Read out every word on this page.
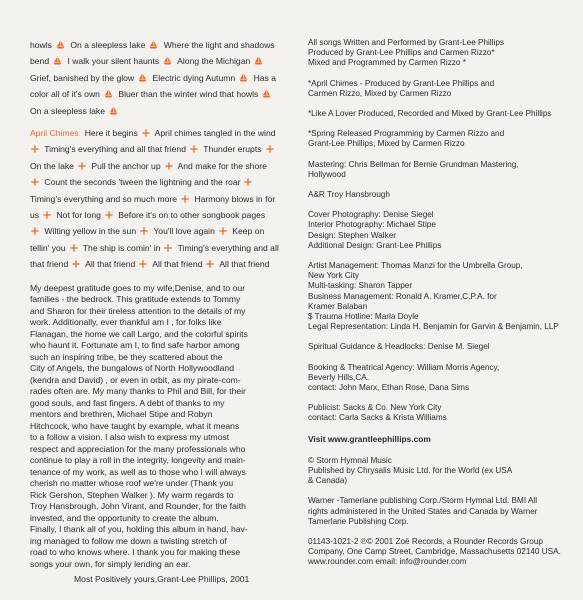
howls On a sleepless lake Where the light and shadows bend I walk your silent haunts Along the Michigan Grief, banished by the glow Electric dying Autumn Has a color all of it's own Bluer than the winter wind that howls On a sleepless lake

April Chimes Here it begins April chimes tangled in the wind Timing's everything and all that friend Thunder erupts On the lake Pull the anchor up And make for the shore Count the seconds 'tween the lightning and the roar Timing's everything and so much more Harmony blows in for us Not for long Before it's on to other songbook pages Wilting yellow in the sun You'll love again Keep on tellin' you The ship is comin' in Timing's everything and all that friend All that friend All that friend All that friend

My deepest gratitude goes to my wife,Denise, and to our

families - the bedrock. This gratitude extends to Tommy

and Sharon for their tireless attention to the details of my

work. Additionally, ever thankful am I , for folks like

Flanagan, the home we call Largo, and the colorful spirits

who haunt it. Fortunate am I, to find safe harbor among

such an inspiring tribe, be they scattered about the

City of Angels, the bungalows of North Hollywoodland

(kendra and David) , or even in orbit, as my pirate-com-

rades often are. My many thanks to Phil and Bill, for their

good souls, and fast fingers. A debt of thanks to my

mentors and brethren, Michael Stipe and Robyn

Hitchcock, who have taught by example, what it means

to a follow a vision. I also wish to express my utmost

respect and appreciation for the many professionals who

continue to play a roll in the integrity, longevity and main-

tenance of my work, as well as to those who I will always

cherish no matter whose roof we're under (Thank you

Rick Gershon, Stephen Walker ). My warm regards to

Troy Hansbrough, John Virant, and Rounder, for the faith

invested, and the opportunity to create the album.

Finally, I thank all of you, holding this album in hand, hav-

ing managed to follow me down a twisting stretch of

road to who knows where. I thank you for making these

songs your own, for simply lending an ear.

Most Positively yours,Grant-Lee Phillips, 2001

All songs Written and Performed by Grant-Lee Phillips
Produced by Grant-Lee Phillips and Carmen Rizzo*
Mixed and Programmed by Carmen Rizzo *
*April Chimes - Produced by Grant-Lee Phillips and
Carmen Rizzo, Mixed by Carmen Rizzo
*Like A Lover Produced, Recorded and Mixed by Grant-Lee Phillips
*Spring Released Programming by Carmen Rizzo and
Grant-Lee Phillips, Mixed by Carmen Rizzo
Mastering: Chris Bellman for Bernie Grundman Mastering,
Hollywood
A&R Troy Hansbrough
Cover Photography: Denise Siegel
Interior Photography: Michael Stipe
Design: Stephen Walker
Additional Design: Grant-Lee Phillips
Artist Management: Thomas Manzi for the Umbrella Group,
New York City
Multi-tasking: Sharon Tapper
Business Management: Ronald A. Kramer,C.P.A. for
Kramer Balaban
$ Trauma Hotline: Marla Doyle
Legal Representation: Linda H. Benjamin for Garvin & Benjamin, LLP
Spiritual Guidance & Headlocks: Denise M. Siegel
Booking & Theatrical Agency: William Morris Agency,
Beverly Hills,CA.
contact: John Marx, Ethan Rose, Dana Sims
Publicist: Sacks & Co. New York City
contact: Carla Sacks & Krista Williams
Visit www.grantleephillips.com
© Storm Hymnal Music
Published by Chrysalis Music Ltd. for the World (ex USA
& Canada)
Warner -Tamerlane publishing Corp./Storm Hymnal Ltd. BMI All
rights administered in the United States and Canada by Warner
Tamerlane Publishing Corp.
01143-1021-2 ℗© 2001 Zoë Records, a Rounder Records Group
Company, One Camp Street, Cambridge, Massachusetts 02140 USA.
www.rounder.com email: info@rounder.com
